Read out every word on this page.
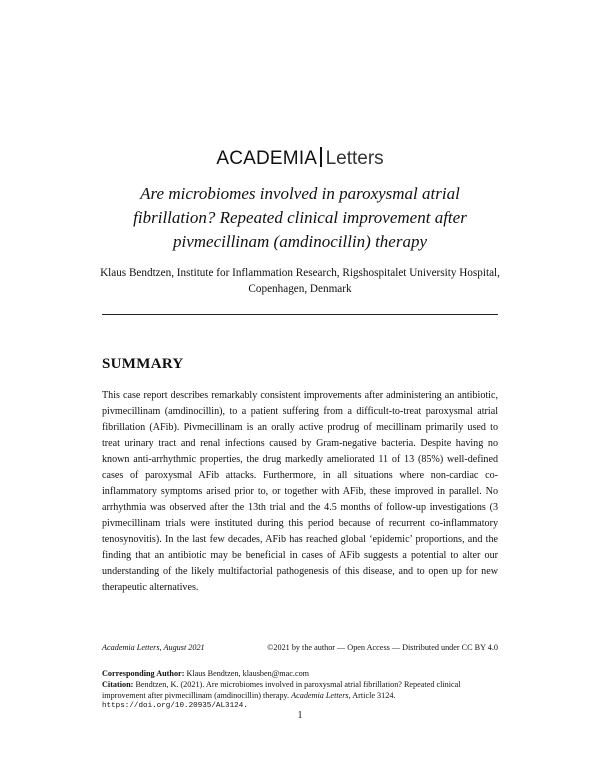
ACADEMIA Letters
Are microbiomes involved in paroxysmal atrial fibrillation? Repeated clinical improvement after pivmecillinam (amdinocillin) therapy
Klaus Bendtzen, Institute for Inflammation Research, Rigshospitalet University Hospital, Copenhagen, Denmark
SUMMARY

This case report describes remarkably consistent improvements after administering an antibiotic, pivmecillinam (amdinocillin), to a patient suffering from a difficult-to-treat paroxysmal atrial fibrillation (AFib). Pivmecillinam is an orally active prodrug of mecillinam primarily used to treat urinary tract and renal infections caused by Gram-negative bacteria. Despite having no known anti-arrhythmic properties, the drug markedly ameliorated 11 of 13 (85%) well-defined cases of paroxysmal AFib attacks. Furthermore, in all situations where non-cardiac co-inflammatory symptoms arised prior to, or together with AFib, these improved in parallel. No arrhythmia was observed after the 13th trial and the 4.5 months of follow-up investigations (3 pivmecillinam trials were instituted during this period because of recurrent co-inflammatory tenosynovitis). In the last few decades, AFib has reached global ‘epidemic’ proportions, and the finding that an antibiotic may be beneficial in cases of AFib suggests a potential to alter our understanding of the likely multifactorial pathogenesis of this disease, and to open up for new therapeutic alternatives.

Academia Letters, August 2021	©2021 by the author — Open Access — Distributed under CC BY 4.0
Corresponding Author: Klaus Bendtzen, klausben@mac.com
Citation: Bendtzen, K. (2021). Are microbiomes involved in paroxysmal atrial fibrillation? Repeated clinical improvement after pivmecillinam (amdinocillin) therapy. Academia Letters, Article 3124.
https://doi.org/10.20935/AL3124.
1
